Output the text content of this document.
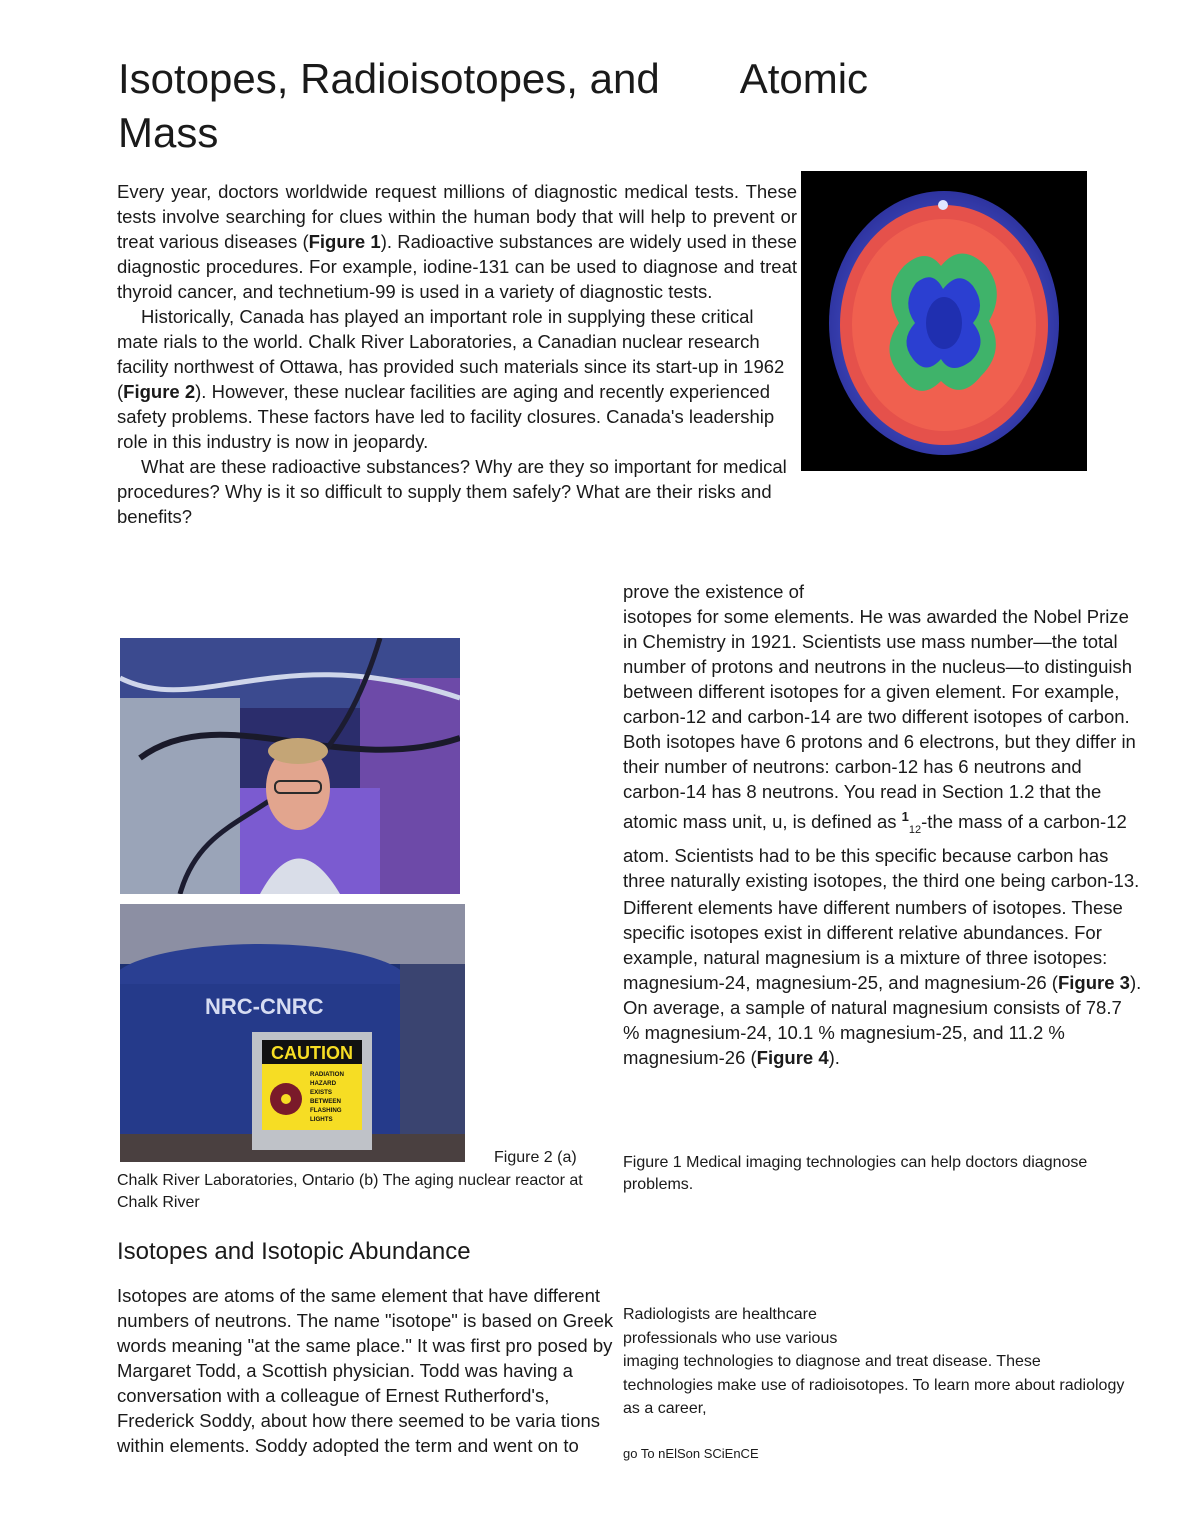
Isotopes, Radioisotopes, and Atomic
Mass

Every year, doctors worldwide request millions of diagnostic medical tests. These tests involve searching for clues within the human body that will help to prevent or treat various diseases (Figure 1). Radioactive substances are widely used in these diagnostic procedures. For example, iodine-131 can be used to diagnose and treat thyroid cancer, and technetium-99 is used in a variety of diagnostic tests.

Historically, Canada has played an important role in supplying these critical mate rials to the world. Chalk River Laboratories, a Canadian nuclear research facility northwest of Ottawa, has provided such materials since its start-up in 1962 (Figure 2). However, these nuclear facilities are aging and recently experienced safety problems. These factors have led to facility closures. Canada's leadership role in this industry is now in jeopardy.

What are these radioactive substances? Why are they so important for medical procedures? Why is it so difficult to supply them safely? What are their risks and
benefits?

NRC-CNRC
CAUTION
RADIATION
HAZARD
EXISTS
BETWEEN
FLASHING
LIGHTS
Figure 2 (a)
Chalk River Laboratories, Ontario (b) The aging nuclear reactor at Chalk River
Isotopes and Isotopic Abundance

Isotopes are atoms of the same element that have different numbers of neutrons. The name "isotope" is based on Greek words meaning "at the same place." It was first pro posed by Margaret Todd, a Scottish physician. Todd was having a conversation with a colleague of Ernest Rutherford's, Frederick Soddy, about how there seemed to be varia tions within elements. Soddy adopted the term and went on to

prove the existence of
isotopes for some elements. He was awarded the Nobel Prize in Chemistry in 1921. Scientists use mass number—the total number of protons and neutrons in the nucleus—to distinguish between different isotopes for a given element. For example, carbon-12 and carbon-14 are two different isotopes of carbon. Both isotopes have 6 protons and 6 electrons, but they differ in their number of neutrons: carbon-12 has 6 neutrons and carbon-14 has 8 neutrons. You read in Section 1.2 that the atomic mass unit, u, is defined as $^1_{12}$-the mass of a carbon-12 atom. Scientists had to be this specific because carbon has three naturally existing isotopes, the third one being carbon-13.

Different elements have different numbers of isotopes. These specific isotopes exist in different relative abundances. For example, natural magnesium is a mixture of three isotopes: magnesium-24, magnesium-25, and magnesium-26 (Figure 3). On average, a sample of natural magnesium consists of 78.7 % magnesium-24, 10.1 % magnesium-25, and 11.2 % magnesium-26 (Figure 4).

Figure 1 Medical imaging technologies can help doctors diagnose problems.
Radiologists are healthcare
professionals who use various
imaging technologies to diagnose and treat disease. These technologies make use of radioisotopes. To learn more about radiology as a career,
go To nElSon SCiEnCE
